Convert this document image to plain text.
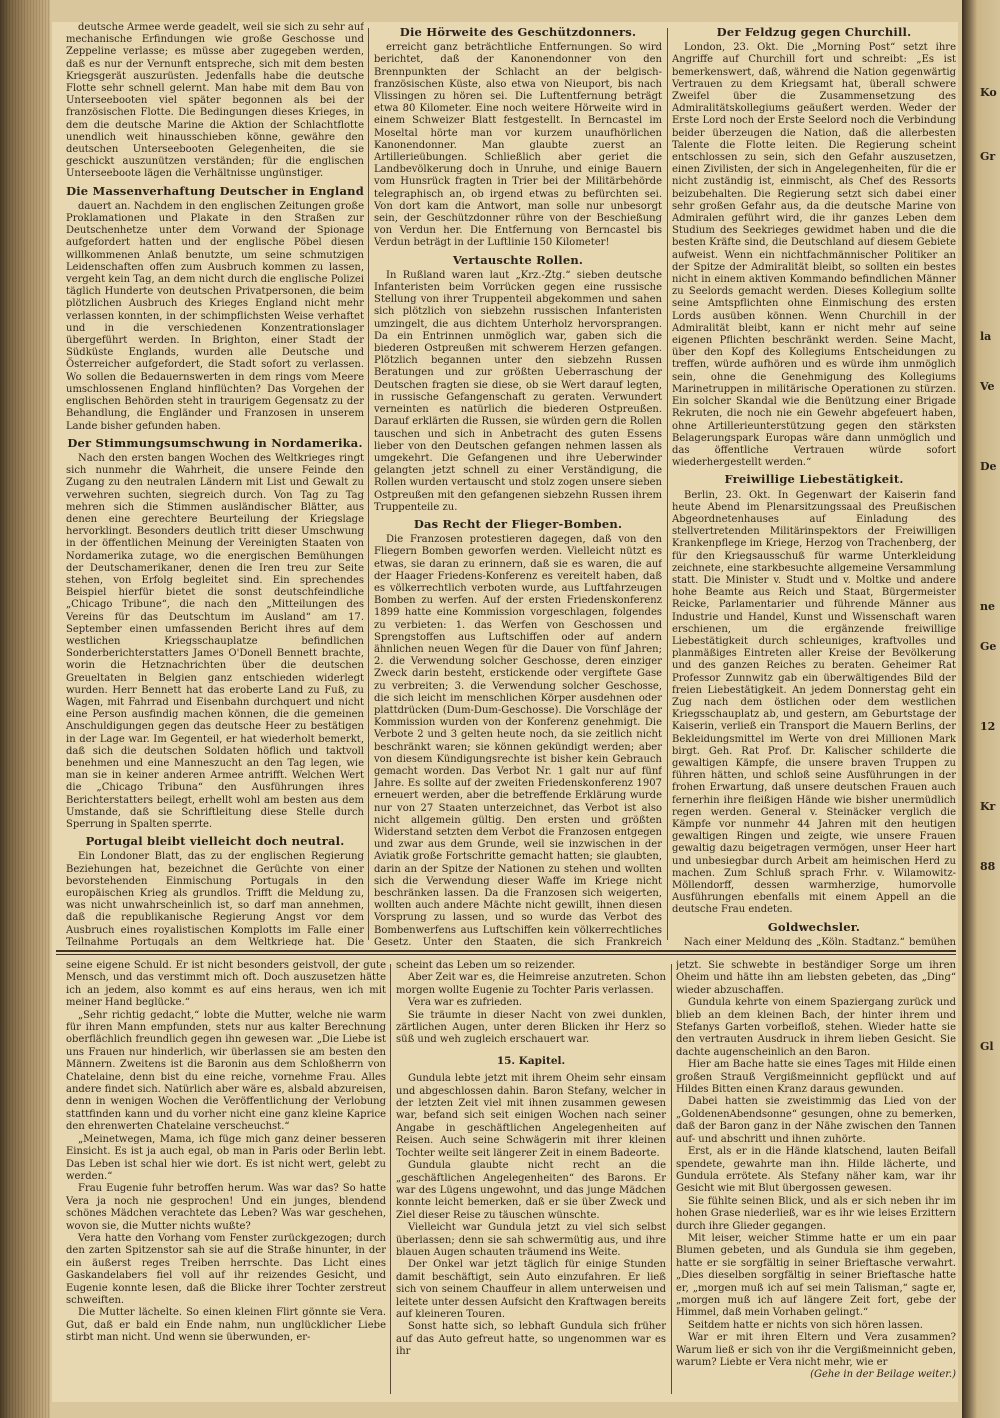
deutsche Armee werde geadelt, weil sie sich zu sehr auf mechanische Erfindungen wie große Geschosse und Zeppeline verlasse; es müsse aber zugegeben werden, daß es nur der Vernunft entspreche, sich mit dem besten Kriegsgerät auszurüsten. Jedenfalls habe die deutsche Flotte sehr schnell gelernt. Man habe mit dem Bau von Unterseebooten viel später begonnen als bei der französischen Flotte. Die Bedingungen dieses Krieges, in dem die deutsche Marine die Aktion der Schlachtflotte unendlich weit hinausschieben könne, gewähre den deutschen Unterseebooten Gelegenheiten, die sie geschickt auszunützen verständen; für die englischen Unterseeboote lägen die Verhältnisse ungünstiger.

Die Massenverhaftung Deutscher in England

dauert an. Nachdem in den englischen Zeitungen große Proklamationen und Plakate in den Straßen zur Deutschenhetze unter dem Vorwand der Spionage aufgefordert hatten und der englische Pöbel diesen willkommenen Anlaß benutzte, um seine schmutzigen Leidenschaften offen zum Ausbruch kommen zu lassen, vergeht kein Tag, an dem nicht durch die englische Polizei täglich Hunderte von deutschen Privatpersonen, die beim plötzlichen Ausbruch des Krieges England nicht mehr verlassen konnten, in der schimpflichsten Weise verhaftet und in die verschiedenen Konzentrationslager übergeführt werden. In Brighton, einer Stadt der Südküste Englands, wurden alle Deutsche und Österreicher aufgefordert, die Stadt sofort zu verlassen. Wo sollen die Bedauernswerten in dem rings vom Meere umschlossenen England hinflüchten? Das Vorgehen der englischen Behörden steht in traurigem Gegensatz zu der Behandlung, die Engländer und Franzosen in unserem Lande bisher gefunden haben.

Der Stimmungsumschwung in Nordamerika.

Nach den ersten bangen Wochen des Weltkrieges ringt sich nunmehr die Wahrheit, die unsere Feinde den Zugang zu den neutralen Ländern mit List und Gewalt zu verwehren suchten, siegreich durch. Von Tag zu Tag mehren sich die Stimmen ausländischer Blätter, aus denen eine gerechtere Beurteilung der Kriegslage hervorklingt. Besonders deutlich tritt dieser Umschwung in der öffentlichen Meinung der Vereinigten Staaten von Nordamerika zutage, wo die energischen Bemühungen der Deutschamerikaner, denen die Iren treu zur Seite stehen, von Erfolg begleitet sind. Ein sprechendes Beispiel hierfür bietet die sonst deutschfeindliche „Chicago Tribune“, die nach den „Mitteilungen des Vereins für das Deutschtum im Ausland“ am 17. September einen umfassenden Bericht ihres auf dem westlichen Kriegsschauplatze befindlichen Sonderberichterstatters James O'Donell Bennett brachte, worin die Hetznachrichten über die deutschen Greueltaten in Belgien ganz entschieden widerlegt wurden. Herr Bennett hat das eroberte Land zu Fuß, zu Wagen, mit Fahrrad und Eisenbahn durchquert und nicht eine Person ausfindig machen können, die die gemeinen Anschuldigungen gegen das deutsche Heer zu bestätigen in der Lage war. Im Gegenteil, er hat wiederholt bemerkt, daß sich die deutschen Soldaten höflich und taktvoll benehmen und eine Manneszucht an den Tag legen, wie man sie in keiner anderen Armee antrifft. Welchen Wert die „Chicago Tribuna“ den Ausführungen ihres Berichterstatters beilegt, erhellt wohl am besten aus dem Umstande, daß sie Schriftleitung diese Stelle durch Sperrung in Spalten sperrte.

Portugal bleibt vielleicht doch neutral.

Ein Londoner Blatt, das zu der englischen Regierung Beziehungen hat, bezeichnet die Gerüchte von einer bevorstehenden Einmischung Portugals in den europäischen Krieg als grundlos. Trifft die Meldung zu, was nicht unwahrscheinlich ist, so darf man annehmen, daß die republikanische Regierung Angst vor dem Ausbruch eines royalistischen Komplotts im Falle einer Teilnahme Portugals an dem Weltkriege hat. Die

Die Hörweite des Geschützdonners.

erreicht ganz beträchtliche Entfernungen. So wird berichtet, daß der Kanonendonner von den Brennpunkten der Schlacht an der belgisch-französischen Küste, also etwa von Nieuport, bis nach Vlissingen zu hören sei. Die Luftentfernung beträgt etwa 80 Kilometer. Eine noch weitere Hörweite wird in einem Schweizer Blatt festgestellt. In Berncastel im Moseltal hörte man vor kurzem unaufhörlichen Kanonendonner. Man glaubte zuerst an Artillerieübungen. Schließlich aber geriet die Landbevölkerung doch in Unruhe, und einige Bauern vom Hunsrück fragten in Trier bei der Militärbehörde telegraphisch an, ob irgend etwas zu befürchten sei. Von dort kam die Antwort, man solle nur unbesorgt sein, der Geschützdonner rühre von der Beschießung von Verdun her. Die Entfernung von Berncastel bis Verdun beträgt in der Luftlinie 150 Kilometer!

Vertauschte Rollen.

In Rußland waren laut „Krz.-Ztg.“ sieben deutsche Infanteristen beim Vorrücken gegen eine russische Stellung von ihrer Truppenteil abgekommen und sahen sich plötzlich von siebzehn russischen Infanteristen umzingelt, die aus dichtem Unterholz hervorsprangen. Da ein Entrinnen unmöglich war, gaben sich die biederen Ostpreußen mit schwerem Herzen gefangen. Plötzlich begannen unter den siebzehn Russen Beratungen und zur größten Ueberraschung der Deutschen fragten sie diese, ob sie Wert darauf legten, in russische Gefangenschaft zu geraten. Verwundert verneinten es natürlich die biederen Ostpreußen. Darauf erklärten die Russen, sie würden gern die Rollen tauschen und sich in Anbetracht des guten Essens lieber von den Deutschen gefangen nehmen lassen als umgekehrt. Die Gefangenen und ihre Ueberwinder gelangten jetzt schnell zu einer Verständigung, die Rollen wurden vertauscht und stolz zogen unsere sieben Ostpreußen mit den gefangenen siebzehn Russen ihrem Truppenteile zu.

Das Recht der Flieger-Bomben.

Die Franzosen protestieren dagegen, daß von den Fliegern Bomben geworfen werden. Vielleicht nützt es etwas, sie daran zu erinnern, daß sie es waren, die auf der Haager Friedens-Konferenz es vereitelt haben, daß es völkerrechtlich verboten wurde, aus Luftfahrzeugen Bomben zu werfen. Auf der ersten Friedenskonferenz 1899 hatte eine Kommission vorgeschlagen, folgendes zu verbieten: 1. das Werfen von Geschossen und Sprengstoffen aus Luftschiffen oder auf andern ähnlichen neuen Wegen für die Dauer von fünf Jahren; 2. die Verwendung solcher Geschosse, deren einziger Zweck darin besteht, erstickende oder vergiftete Gase zu verbreiten; 3. die Verwendung solcher Geschosse, die sich leicht im menschlichen Körper ausdehnen oder plattdrücken (Dum-Dum-Geschosse). Die Vorschläge der Kommission wurden von der Konferenz genehmigt. Die Verbote 2 und 3 gelten heute noch, da sie zeitlich nicht beschränkt waren; sie können gekündigt werden; aber von diesem Kündigungsrechte ist bisher kein Gebrauch gemacht worden. Das Verbot Nr. 1 galt nur auf fünf Jahre. Es sollte auf der zweiten Friedenskonferenz 1907 erneuert werden, aber die betreffende Erklärung wurde nur von 27 Staaten unterzeichnet, das Verbot ist also nicht allgemein gültig. Den ersten und größten Widerstand setzten dem Verbot die Franzosen entgegen und zwar aus dem Grunde, weil sie inzwischen in der Aviatik große Fortschritte gemacht hatten; sie glaubten, darin an der Spitze der Nationen zu stehen und wollten sich die Verwendung dieser Waffe im Kriege nicht beschränken lassen. Da die Franzosen sich weigerten, wollten auch andere Mächte nicht gewillt, ihnen diesen Vorsprung zu lassen, und so wurde das Verbot des Bombenwerfens aus Luftschiffen kein völkerrechtliches Gesetz. Unter den Staaten, die sich Frankreich

Der Feldzug gegen Churchill.

London, 23. Okt. Die „Morning Post“ setzt ihre Angriffe auf Churchill fort und schreibt: „Es ist bemerkenswert, daß, während die Nation gegenwärtig Vertrauen zu dem Kriegsamt hat, überall schwere Zweifel über die Zusammensetzung des Admiralitätskollegiums geäußert werden. Weder der Erste Lord noch der Erste Seelord noch die Verbindung beider überzeugen die Nation, daß die allerbesten Talente die Flotte leiten. Die Regierung scheint entschlossen zu sein, sich den Gefahr auszusetzen, einen Zivilisten, der sich in Angelegenheiten, für die er nicht zuständig ist, einmischt, als Chef des Ressorts beizubehalten. Die Regierung setzt sich dabei einer sehr großen Gefahr aus, da die deutsche Marine von Admiralen geführt wird, die ihr ganzes Leben dem Studium des Seekrieges gewidmet haben und die die besten Kräfte sind, die Deutschland auf diesem Gebiete aufweist. Wenn ein nichtfachmännischer Politiker an der Spitze der Admiralität bleibt, so sollten ein bestes nicht in einem aktiven Kommando befindlichen Männer zu Seelords gemacht werden. Dieses Kollegium sollte seine Amtspflichten ohne Einmischung des ersten Lords ausüben können. Wenn Churchill in der Admiralität bleibt, kann er nicht mehr auf seine eigenen Pflichten beschränkt werden. Seine Macht, über den Kopf des Kollegiums Entscheidungen zu treffen, würde aufhören und es würde ihm unmöglich sein, ohne die Genehmigung des Kollegiums Marinetruppen in militärische Operationen zu stürzen. Ein solcher Skandal wie die Benützung einer Brigade Rekruten, die noch nie ein Gewehr abgefeuert haben, ohne Artillerieunterstützung gegen den stärksten Belagerungspark Europas wäre dann unmöglich und das öffentliche Vertrauen würde sofort wiederhergestellt werden.“

Freiwillige Liebestätigkeit.

Berlin, 23. Okt. In Gegenwart der Kaiserin fand heute Abend im Plenarsitzungssaal des Preußischen Abgeordnetenhauses auf Einladung des stellvertretenden Militärinspektors der Freiwilligen Krankenpflege im Kriege, Herzog von Trachenberg, der für den Kriegsausschuß für warme Unterkleidung zeichnete, eine starkbesuchte allgemeine Versammlung statt. Die Minister v. Studt und v. Moltke und andere hohe Beamte aus Reich und Staat, Bürgermeister Reicke, Parlamentarier und führende Männer aus Industrie und Handel, Kunst und Wissenschaft waren erschienen, um die ergänzende freiwillige Liebestätigkeit durch schleuniges, kraftvolles und planmäßiges Eintreten aller Kreise der Bevölkerung und des ganzen Reiches zu beraten. Geheimer Rat Professor Zunnwitz gab ein überwältigendes Bild der freien Liebestätigkeit. An jedem Donnerstag geht ein Zug nach dem östlichen oder dem westlichen Kriegsschauplatz ab, und gestern, am Geburtstage der Kaiserin, verließ ein Transport die Mauern Berlins, der Bekleidungsmittel im Werte von drei Millionen Mark birgt. Geh. Rat Prof. Dr. Kalischer schilderte die gewaltigen Kämpfe, die unsere braven Truppen zu führen hätten, und schloß seine Ausführungen in der frohen Erwartung, daß unsere deutschen Frauen auch fernerhin ihre fleißigen Hände wie bisher unermüdlich regen werden. General v. Steinäcker verglich die Kämpfe vor nunmehr 44 Jahren mit den heutigen gewaltigen Ringen und zeigte, wie unsere Frauen gewaltig dazu beigetragen vermögen, unser Heer hart und unbesiegbar durch Arbeit am heimischen Herd zu machen. Zum Schluß sprach Frhr. v. Wilamowitz-Möllendorff, dessen warmherzige, humorvolle Ausführungen ebenfalls mit einem Appell an die deutsche Frau endeten.

Goldwechsler.

Nach einer Meldung des „Köln. Stadtanz.“ bemühen

seine eigene Schuld. Er ist nicht besonders geistvoll, der gute Mensch, und das verstimmt mich oft. Doch auszusetzen hätte ich an jedem, also kommt es auf eins heraus, wen ich mit meiner Hand beglücke.“

„Sehr richtig gedacht,“ lobte die Mutter, welche nie warm für ihren Mann empfunden, stets nur aus kalter Berechnung oberflächlich freundlich gegen ihn gewesen war. „Die Liebe ist uns Frauen nur hinderlich, wir überlassen sie am besten den Männern. Zweitens ist die Baronin aus dem Schloßherrn von Chatelaine, denn bist du eine reiche, vornehme Frau. Alles andere findet sich. Natürlich aber wäre es, alsbald abzureisen, denn in wenigen Wochen die Veröffentlichung der Verlobung stattfinden kann und du vorher nicht eine ganz kleine Kaprice den ehrenwerten Chatelaine verscheuchst.“

„Meinetwegen, Mama, ich füge mich ganz deiner besseren Einsicht. Es ist ja auch egal, ob man in Paris oder Berlin lebt. Das Leben ist schal hier wie dort. Es ist nicht wert, gelebt zu werden.“

Frau Eugenie fuhr betroffen herum. Was war das? So hatte Vera ja noch nie gesprochen! Und ein junges, blendend schönes Mädchen verachtete das Leben? Was war geschehen, wovon sie, die Mutter nichts wußte?

Vera hatte den Vorhang vom Fenster zurückgezogen; durch den zarten Spitzenstor sah sie auf die Straße hinunter, in der ein äußerst reges Treiben herrschte. Das Licht eines Gaskandelabers fiel voll auf ihr reizendes Gesicht, und Eugenie konnte lesen, daß die Blicke ihrer Tochter zerstreut schweiften.

Die Mutter lächelte. So einen kleinen Flirt gönnte sie Vera. Gut, daß er bald ein Ende nahm, nun unglücklicher Liebe stirbt man nicht. Und wenn sie überwunden, er-

scheint das Leben um so reizender.

Aber Zeit war es, die Heimreise anzutreten. Schon morgen wollte Eugenie zu Tochter Paris verlassen.

Vera war es zufrieden.

Sie träumte in dieser Nacht von zwei dunklen, zärtlichen Augen, unter deren Blicken ihr Herz so süß und weh zugleich erschauert war.

15. Kapitel.

Gundula lebte jetzt mit ihrem Oheim sehr einsam und abgeschlossen dahin. Baron Stefany, welcher in der letzten Zeit viel mit ihnen zusammen gewesen war, befand sich seit einigen Wochen nach seiner Angabe in geschäftlichen Angelegenheiten auf Reisen. Auch seine Schwägerin mit ihrer kleinen Tochter weilte seit längerer Zeit in einem Badeorte.

Gundula glaubte nicht recht an die „geschäftlichen Angelegenheiten“ des Barons. Er war des Lügens ungewohnt, und das junge Mädchen konnte leicht bemerken, daß er sie über Zweck und Ziel dieser Reise zu täuschen wünschte.

Vielleicht war Gundula jetzt zu viel sich selbst überlassen; denn sie sah schwermütig aus, und ihre blauen Augen schauten träumend ins Weite.

Der Onkel war jetzt täglich für einige Stunden damit beschäftigt, sein Auto einzufahren. Er ließ sich von seinem Chauffeur in allem unterweisen und leitete unter dessen Aufsicht den Kraftwagen bereits auf kleineren Touren.

Sonst hatte sich, so lebhaft Gundula sich früher auf das Auto gefreut hatte, so ungenommen war es ihr

jetzt. Sie schwebte in beständiger Sorge um ihren Oheim und hätte ihn am liebsten gebeten, das „Ding“ wieder abzuschaffen.

Gundula kehrte von einem Spaziergang zurück und blieb an dem kleinen Bach, der hinter ihrem und Stefanys Garten vorbeifloß, stehen. Wieder hatte sie den vertrauten Ausdruck in ihrem lieben Gesicht. Sie dachte augenscheinlich an den Baron.

Hier am Bache hatte sie eines Tages mit Hilde einen großen Strauß Vergißmeinnicht gepflückt und auf Hildes Bitten einen Kranz daraus gewunden.

Dabei hatten sie zweistimmig das Lied von der „GoldenenAbendsonne“ gesungen, ohne zu bemerken, daß der Baron ganz in der Nähe zwischen den Tannen auf- und abschritt und ihnen zuhörte.

Erst, als er in die Hände klatschend, lauten Beifall spendete, gewahrte man ihn. Hilde lächerte, und Gundula errötete. Als Stefany näher kam, war ihr Gesicht wie mit Blut übergossen gewesen.

Sie fühlte seinen Blick, und als er sich neben ihr im hohen Grase niederließ, war es ihr wie leises Erzittern durch ihre Glieder gegangen.

Mit leiser, weicher Stimme hatte er um ein paar Blumen gebeten, und als Gundula sie ihm gegeben, hatte er sie sorgfältig in seiner Brieftasche verwahrt. „Dies dieselben sorgfältig in seiner Brieftasche hatte er, „morgen muß ich auf sei mein Talisman,“ sagte er, „morgen muß ich auf längere Zeit fort, gebe der Himmel, daß mein Vorhaben gelingt.“

Seitdem hatte er nichts von sich hören lassen.

War er mit ihren Eltern und Vera zusammen? Warum ließ er sich von ihr die Vergißmeinnicht geben, warum? Liebte er Vera nicht mehr, wie er

(Gehe in der Beilage weiter.)

Ko
Gr
la
Ve
De
ne
Ge
12
Kr
88
Gl
